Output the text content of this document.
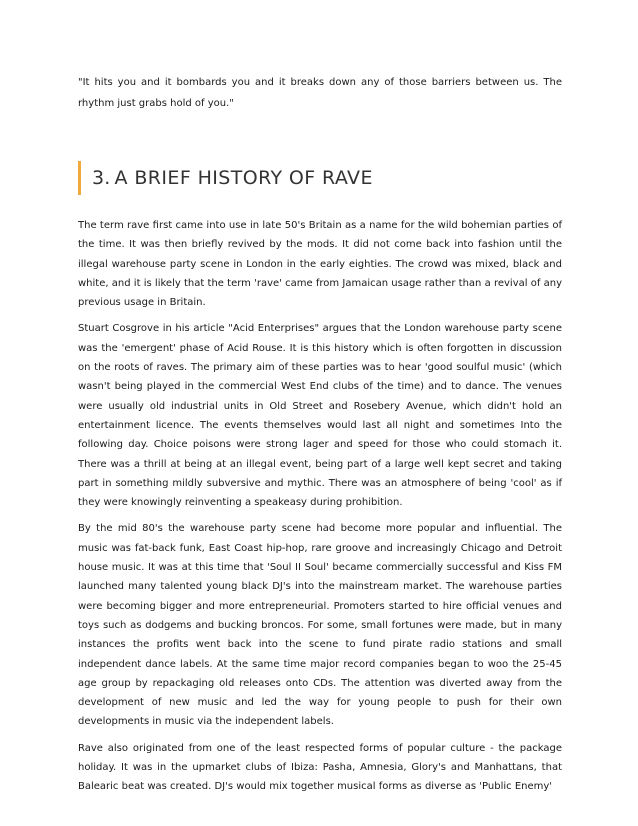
"It hits you and it bombards you and it breaks down any of those barriers between us. The rhythm just grabs hold of you."

3. A BRIEF HISTORY OF RAVE

The term rave first came into use in late 50's Britain as a name for the wild bohemian parties of the time. It was then briefly revived by the mods. It did not come back into fashion until the illegal warehouse party scene in London in the early eighties. The crowd was mixed, black and white, and it is likely that the term 'rave' came from Jamaican usage rather than a revival of any previous usage in Britain.

Stuart Cosgrove in his article "Acid Enterprises" argues that the London warehouse party scene was the 'emergent' phase of Acid Rouse. It is this history which is often forgotten in discussion on the roots of raves. The primary aim of these parties was to hear 'good soulful music' (which wasn't being played in the commercial West End clubs of the time) and to dance. The venues were usually old industrial units in Old Street and Rosebery Avenue, which didn't hold an entertainment licence. The events themselves would last all night and sometimes Into the following day. Choice poisons were strong lager and speed for those who could stomach it. There was a thrill at being at an illegal event, being part of a large well kept secret and taking part in something mildly subversive and mythic. There was an atmosphere of being 'cool' as if they were knowingly reinventing a speakeasy during prohibition.

By the mid 80's the warehouse party scene had become more popular and influential. The music was fat-back funk, East Coast hip-hop, rare groove and increasingly Chicago and Detroit house music. It was at this time that 'Soul II Soul' became commercially successful and Kiss FM launched many talented young black DJ's into the mainstream market. The warehouse parties were becoming bigger and more entrepreneurial. Promoters started to hire official venues and toys such as dodgems and bucking broncos. For some, small fortunes were made, but in many instances the profits went back into the scene to fund pirate radio stations and small independent dance labels. At the same time major record companies began to woo the 25-45 age group by repackaging old releases onto CDs. The attention was diverted away from the development of new music and led the way for young people to push for their own developments in music via the independent labels.

Rave also originated from one of the least respected forms of popular culture - the package holiday. It was in the upmarket clubs of Ibiza: Pasha, Amnesia, Glory's and Manhattans, that Balearic beat was created. DJ's would mix together musical forms as diverse as 'Public Enemy'
